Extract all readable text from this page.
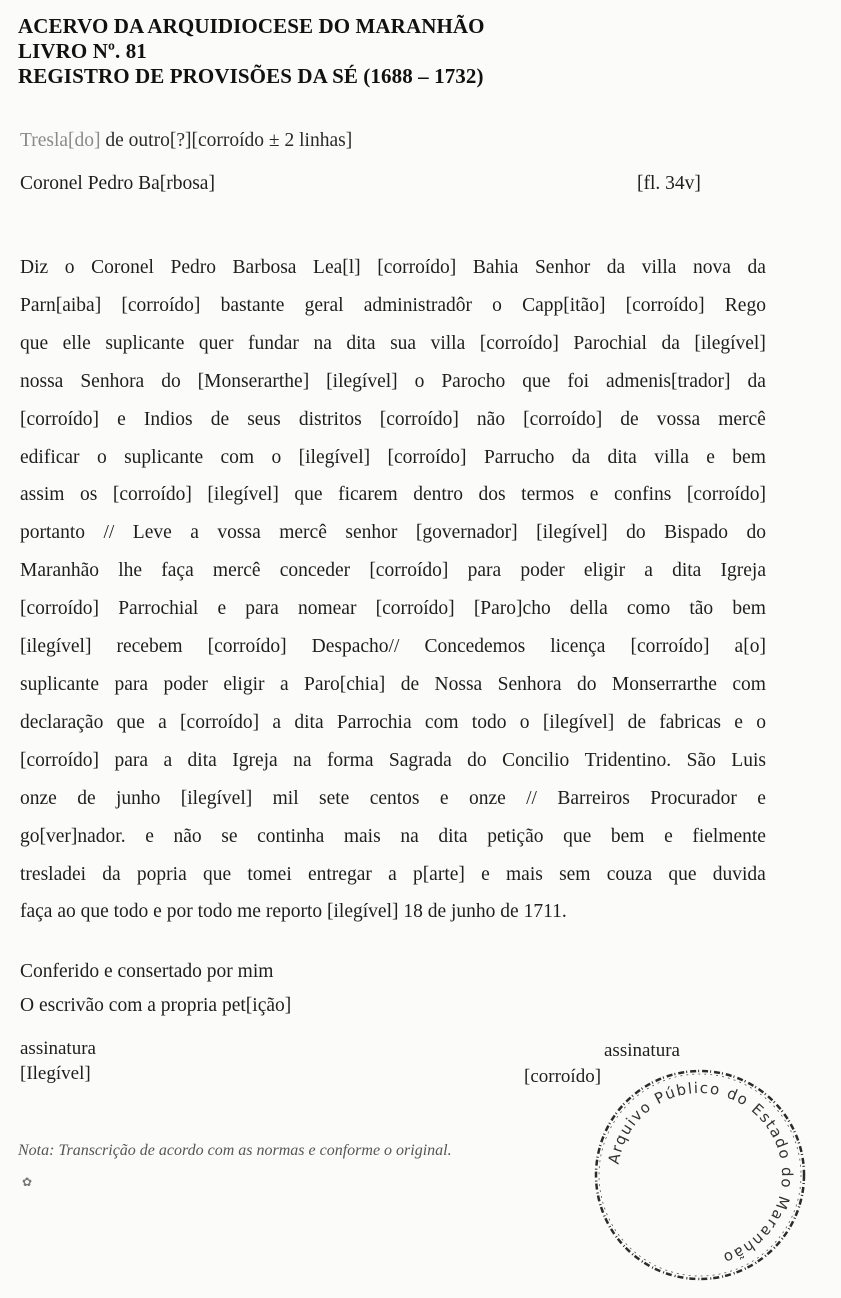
ACERVO DA ARQUIDIOCESE DO MARANHÃO
LIVRO Nº. 81
REGISTRO DE PROVISÕES DA SÉ (1688 – 1732)
Tresla[do] de outro[?][corroído ± 2 linhas]
Coronel Pedro Ba[rbosa]	[fl. 34v]
Diz o Coronel Pedro Barbosa Lea[l] [corroído] Bahia Senhor da villa nova da
Parn[aiba] [corroído] bastante geral administradôr o Capp[itão] [corroído] Rego
que elle suplicante quer fundar na dita sua villa [corroído] Parochial da [ilegível]
nossa Senhora do [Monserarthe] [ilegível] o Parocho que foi admenis[trador] da
[corroído] e Indios de seus distritos [corroído] não [corroído] de vossa mercê
edificar o suplicante com o [ilegível] [corroído] Parrucho da dita villa e bem
assim os [corroído] [ilegível] que ficarem dentro dos termos e confins [corroído]
portanto // Leve a vossa mercê senhor [governador] [ilegível] do Bispado do
Maranhão lhe faça mercê conceder [corroído] para poder eligir a dita Igreja
[corroído] Parrochial e para nomear [corroído] [Paro]cho della como tão bem
[ilegível] recebem [corroído] Despacho// Concedemos licença [corroído] a[o]
suplicante para poder eligir a Paro[chia] de Nossa Senhora do Monserrarthe com
declaração que a [corroído] a dita Parrochia com todo o [ilegível] de fabricas e o
[corroído] para a dita Igreja na forma Sagrada do Concilio Tridentino. São Luis
onze de junho [ilegível] mil sete centos e onze // Barreiros Procurador e
go[ver]nador. e não se continha mais na dita petição que bem e fielmente
tresladei da popria que tomei entregar a p[arte] e mais sem couza que duvida
faça ao que todo e por todo me reporto [ilegível] 18 de junho de 1711.
Conferido e consertado por mim
O escrivão com a propria pet[ição]
assinatura
[Ilegível]
assinatura
[corroído]
Nota: Transcrição de acordo com as normas e conforme o original.
✿
Arquivo Público do Estado do Maranhão
